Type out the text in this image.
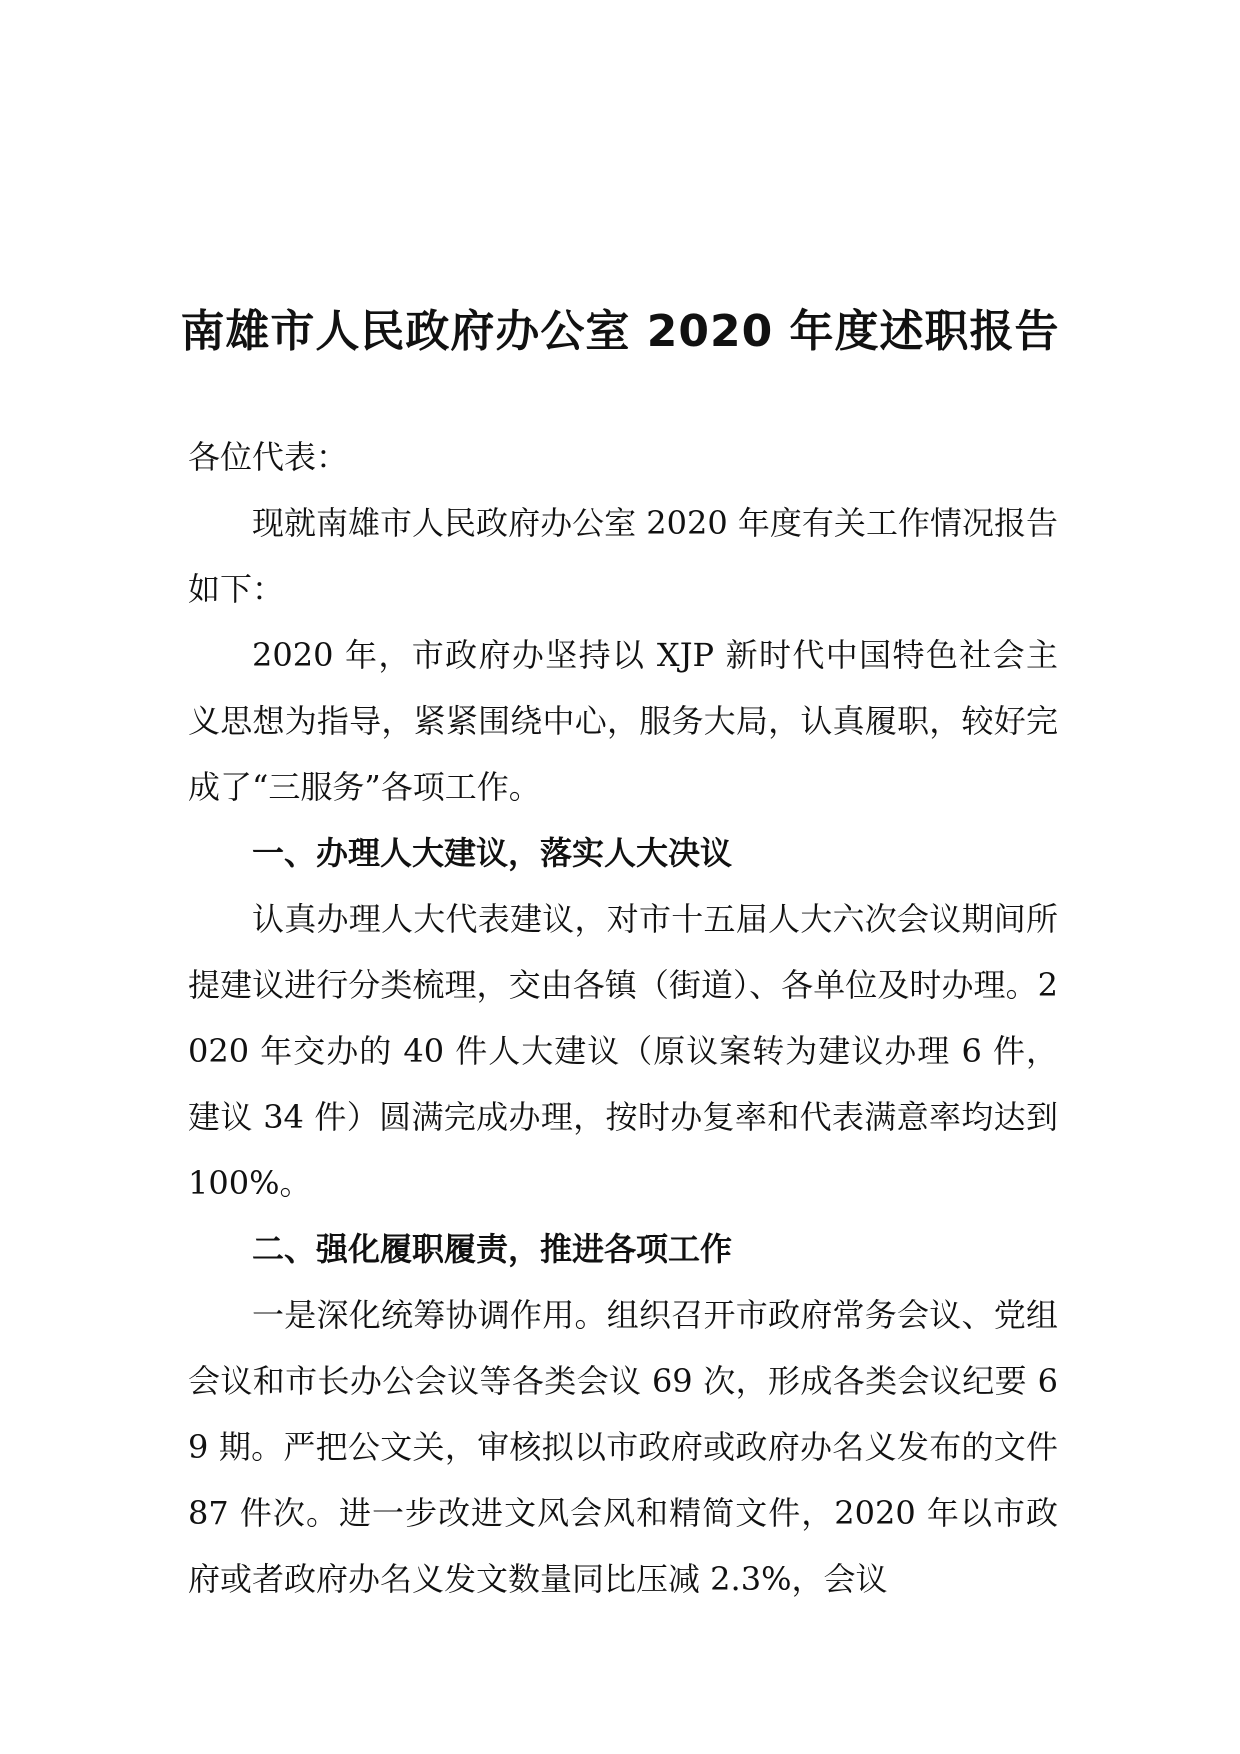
南雄市人民政府办公室 2020 年度述职报告

各位代表：

现就南雄市人民政府办公室 2020 年度有关工作情况报告如下：

2020 年，市政府办坚持以 XJP 新时代中国特色社会主义思想为指导，紧紧围绕中心，服务大局，认真履职，较好完成了“三服务”各项工作。

一、办理人大建议，落实人大决议

认真办理人大代表建议，对市十五届人大六次会议期间所提建议进行分类梳理，交由各镇（街道）、各单位及时办理。2020 年交办的 40 件人大建议（原议案转为建议办理 6 件，建议 34 件）圆满完成办理，按时办复率和代表满意率均达到 100%。

二、强化履职履责，推进各项工作

一是深化统筹协调作用。组织召开市政府常务会议、党组会议和市长办公会议等各类会议 69 次，形成各类会议纪要 69 期。严把公文关，审核拟以市政府或政府办名义发布的文件 87 件次。进一步改进文风会风和精简文件，2020 年以市政府或者政府办名义发文数量同比压减 2.3%，会议
